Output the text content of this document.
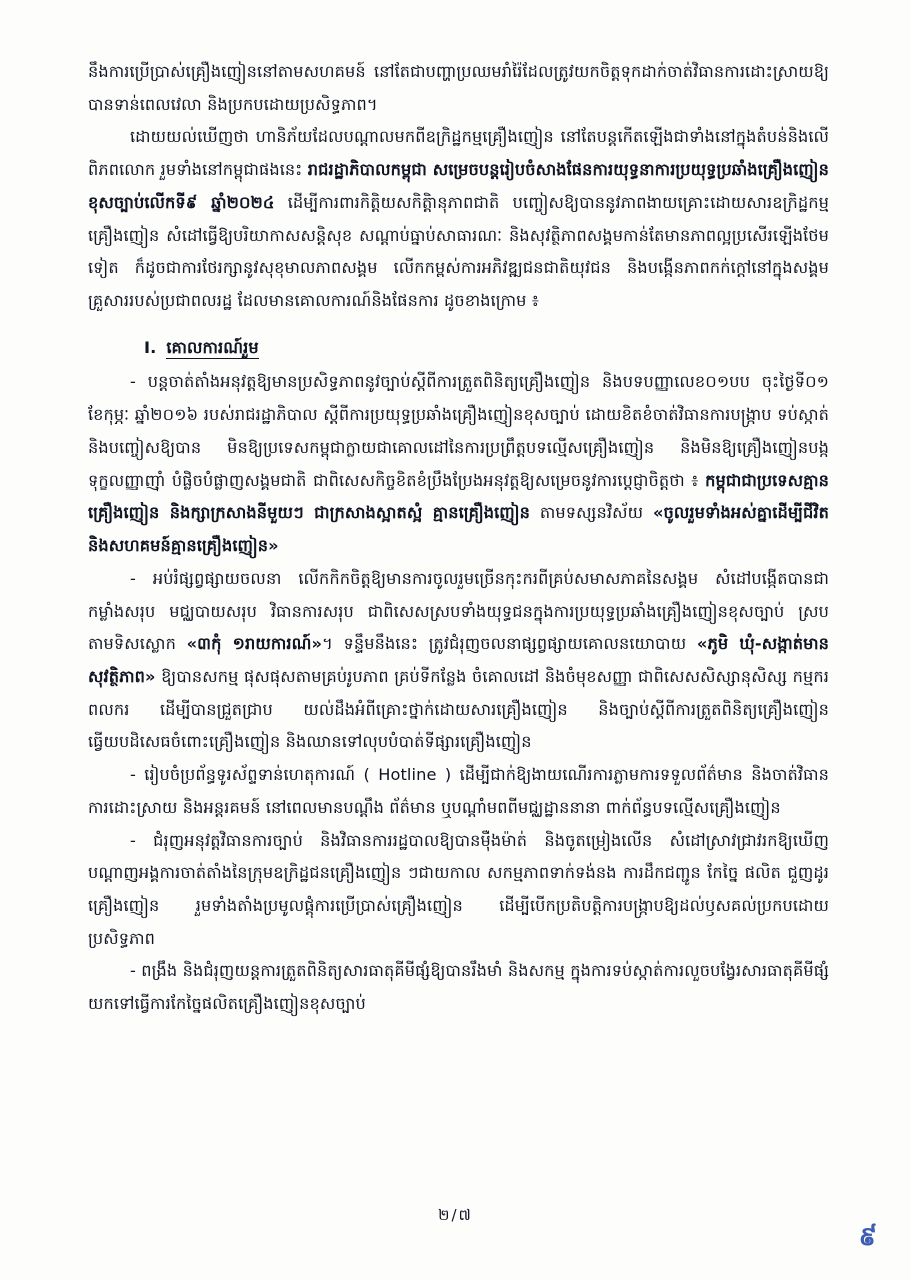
នឹងការប្រើប្រាស់គ្រឿងញៀននៅតាមសហគមន៍ នៅតែជាបញ្ហាប្រឈមរាំរ៉ៃដែលត្រូវយកចិត្តទុកដាក់ចាត់វិធានការដោះស្រាយឱ្យបានទាន់ពេលវេលា និងប្រកបដោយប្រសិទ្ធភាព។

ដោយយល់ឃើញថា ហានិភ័យដែលបណ្ដាលមកពីឧក្រិដ្ឋកម្មគ្រឿងញៀន នៅតែបន្តកើតឡើងជាទាំងនៅក្នុងតំបន់និងលើពិភពលោក រួមទាំងនៅកម្ពុជាផងនេះ រាជរដ្ឋាភិបាលកម្ពុជា សម្រេចបន្តរៀបចំសាងផែនការយុទ្ធនាការប្រយុទ្ធប្រឆាំងគ្រឿងញៀនខុសច្បាប់លើកទី៩ ឆ្នាំ២០២៤ ដើម្បីការពារកិត្តិយសកិត្តិានុភាពជាតិ បញ្ចៀសឱ្យបាននូវភាពងាយគ្រោះដោយសារឧក្រិដ្ឋកម្មគ្រឿងញៀន សំដៅធ្វើឱ្យបរិយាកាសសន្តិសុខ សណ្ដាប់ធ្នាប់សាធារណៈ និងសុវត្ថិភាពសង្គមកាន់តែមានភាពល្អប្រសើរឡើងថែមទៀត ក៏ដូចជាការថែរក្សានូវសុខុមាលភាពសង្គម លើកកម្ពស់ការអភិវឌ្ឍជនជាតិយុវជន និងបង្កើនភាពកក់ក្ដៅនៅក្នុងសង្គមគ្រួសាររបស់ប្រជាពលរដ្ឋ ដែលមានគោលការណ៍និងផែនការ ដូចខាងក្រោម ៖

I. គោលការណ៍រួម

- បន្តចាត់តាំងអនុវត្តឱ្យមានប្រសិទ្ធភាពនូវច្បាប់ស្ដីពីការត្រួតពិនិត្យគ្រឿងញៀន និងបទបញ្ញាលេខ០១បប ចុះថ្ងៃទី០១ ខែកុម្ភៈ ឆ្នាំ២០១៦ របស់រាជរដ្ឋាភិបាល ស្ដីពីការប្រយុទ្ធប្រឆាំងគ្រឿងញៀនខុសច្បាប់ ដោយខិតខំចាត់វិធានការបង្ក្រាប ទប់ស្កាត់ និងបញ្ចៀសឱ្យបាន មិនឱ្យប្រទេសកម្ពុជាក្លាយជាគោលដៅនៃការប្រព្រឹត្តបទល្មើសគ្រឿងញៀន និងមិនឱ្យគ្រឿងញៀនបង្កទុក្ខលញ្ញាញ៉ាំ បំផ្លិចបំផ្លាញសង្គមជាតិ ជាពិសេសកិច្ចខិតខំប្រឹងប្រែងអនុវត្តឱ្យសម្រេចនូវការប្ដេជ្ញាចិត្តថា ៖ កម្ពុជាជាប្រទេសគ្មានគ្រឿងញៀន និងក្សាក្រសាងនីមួយៗ ជាក្រសាងស្អាតស្អំ គ្មានគ្រឿងញៀន តាមទស្សនវិស័យ «ចូលរួមទាំងអស់គ្នាដើម្បីជីវិត និងសហគមន៍គ្មានគ្រឿងញៀន»

- អប់រំផ្សព្វផ្សាយចលនា លើកកិកចិត្តឱ្យមានការចូលរួមច្រើនកុះករពីគ្រប់សមាសភាគនៃសង្គម សំដៅបង្កើតបានជាកម្លាំងសរុប មជ្ឈបាយសរុប វិធានការសរុប ជាពិសេសស្របទាំងយុទ្ធជនក្នុងការប្រយុទ្ធប្រឆាំងគ្រឿងញៀនខុសច្បាប់ ស្របតាមទិសស្លោក «៣កុំ ១រាយការណ៍»។ ទន្ទឹមនឹងនេះ ត្រូវជំរុញចលនាផ្សព្វផ្សាយគោលនយោបាយ «ភូមិ ឃុំ-សង្កាត់មានសុវត្ថិភាព» ឱ្យបានសកម្ម ផុសផុសតាមគ្រប់រូបភាព គ្រប់ទីកន្លែង ចំគោលដៅ និងចំមុខសញ្ញា ជាពិសេសសិស្សានុសិស្ស កម្មករ ពលករ ដើម្បីបានជ្រួតជ្រាប យល់ដឹងអំពីគ្រោះថ្នាក់ដោយសារគ្រឿងញៀន និងច្បាប់ស្ដីពីការត្រួតពិនិត្យគ្រឿងញៀន ធ្វើយបដិសេធចំពោះគ្រឿងញៀន និងឈានទៅលុបបំបាត់ទីផ្សារគ្រឿងញៀន

- រៀបចំប្រព័ន្ធទូរស័ព្ទទាន់ហេតុការណ៍ ( Hotline ) ដើម្បីជាក់ឱ្យងាយណើរការភ្លាមការទទួលព័ត៌មាន និងចាត់វិធានការដោះស្រាយ និងអន្តរគមន៍ នៅពេលមានបណ្ដឹង ព័ត៌មាន ឬបណ្ដាំមពពីមជ្ឈដ្ឋាននានា ពាក់ព័ន្ធបទល្មើសគ្រឿងញៀន

- ជំរុញអនុវត្តវិធានការច្បាប់ និងវិធានការរដ្ឋបាលឱ្យបានម៉ឺងម៉ាត់ និងចូតម្រៀងលើន សំដៅស្រាវជ្រាវរកឱ្យឃើញបណ្ដាញអង្គការចាត់តាំងនៃក្រុមឧក្រិដ្ឋជនគ្រឿងញៀន ៗជាយកាល សកម្មភាពទាក់ទង់នង ការដឹកជញ្ជូន កែច្នៃ ផលិត ជួញដូរគ្រឿងញៀន រួមទាំងតាំងប្រមូលផ្តុំការប្រើប្រាស់គ្រឿងញៀន ដើម្បីបើកប្រតិបត្តិការបង្ក្រាបឱ្យដល់ឫសគល់ប្រកបដោយប្រសិទ្ធភាព

- ពង្រឹង និងជំរុញយន្តការត្រួតពិនិត្យសារធាតុគីមីផ្សំឱ្យបានរឹងមាំ និងសកម្ម ក្នុងការទប់ស្កាត់ការលួចបង្វែរសារធាតុគីមីផ្សំ យកទៅធ្វើការកែច្នៃផលិតគ្រឿងញៀនខុសច្បាប់

២/៧
៩
